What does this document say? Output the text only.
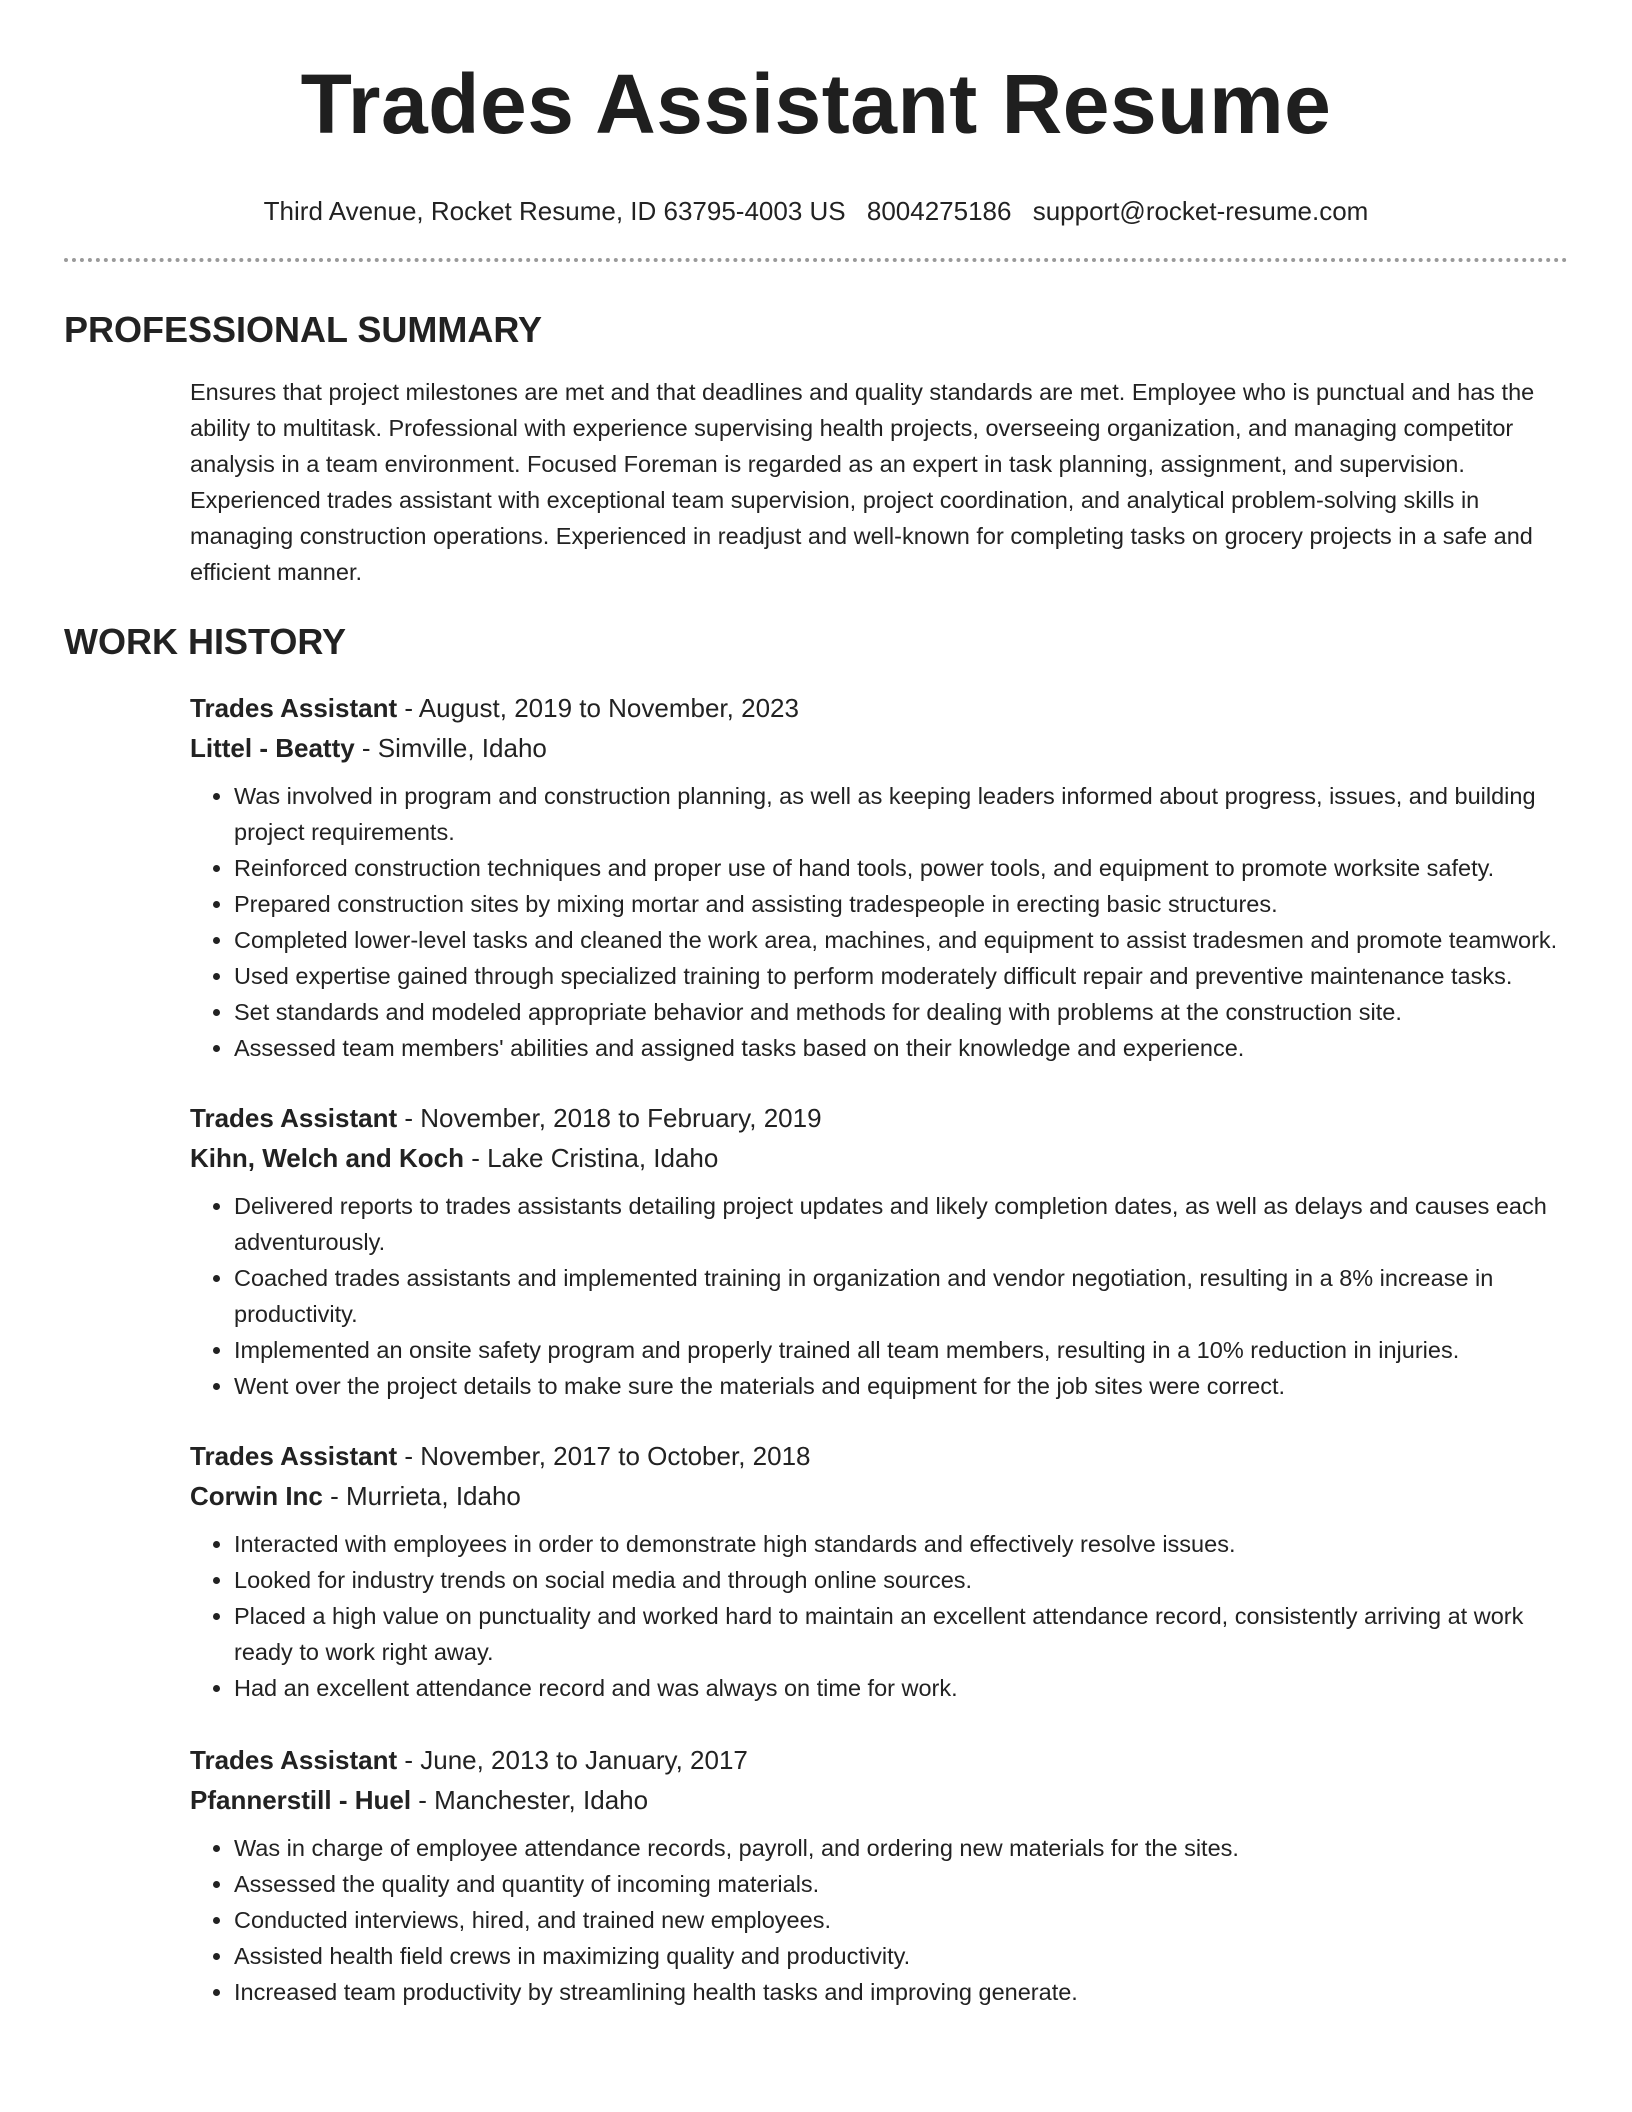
Trades Assistant Resume
Third Avenue, Rocket Resume, ID 63795-4003 US 8004275186 support@rocket-resume.com
PROFESSIONAL SUMMARY

Ensures that project milestones are met and that deadlines and quality standards are met. Employee who is punctual and has the ability to multitask. Professional with experience supervising health projects, overseeing organization, and managing competitor analysis in a team environment. Focused Foreman is regarded as an expert in task planning, assignment, and supervision. Experienced trades assistant with exceptional team supervision, project coordination, and analytical problem-solving skills in managing construction operations. Experienced in readjust and well-known for completing tasks on grocery projects in a safe and efficient manner.

WORK HISTORY
Trades Assistant - August, 2019 to November, 2023
Littel - Beatty - Simville, Idaho
• Was involved in program and construction planning, as well as keeping leaders informed about progress, issues, and building project requirements.
• Reinforced construction techniques and proper use of hand tools, power tools, and equipment to promote worksite safety.
• Prepared construction sites by mixing mortar and assisting tradespeople in erecting basic structures.
• Completed lower-level tasks and cleaned the work area, machines, and equipment to assist tradesmen and promote teamwork.
• Used expertise gained through specialized training to perform moderately difficult repair and preventive maintenance tasks.
• Set standards and modeled appropriate behavior and methods for dealing with problems at the construction site.
• Assessed team members' abilities and assigned tasks based on their knowledge and experience.
Trades Assistant - November, 2018 to February, 2019
Kihn, Welch and Koch - Lake Cristina, Idaho
• Delivered reports to trades assistants detailing project updates and likely completion dates, as well as delays and causes each adventurously.
• Coached trades assistants and implemented training in organization and vendor negotiation, resulting in a 8% increase in productivity.
• Implemented an onsite safety program and properly trained all team members, resulting in a 10% reduction in injuries.
• Went over the project details to make sure the materials and equipment for the job sites were correct.
Trades Assistant - November, 2017 to October, 2018
Corwin Inc - Murrieta, Idaho
• Interacted with employees in order to demonstrate high standards and effectively resolve issues.
• Looked for industry trends on social media and through online sources.
• Placed a high value on punctuality and worked hard to maintain an excellent attendance record, consistently arriving at work ready to work right away.
• Had an excellent attendance record and was always on time for work.
Trades Assistant - June, 2013 to January, 2017
Pfannerstill - Huel - Manchester, Idaho
• Was in charge of employee attendance records, payroll, and ordering new materials for the sites.
• Assessed the quality and quantity of incoming materials.
• Conducted interviews, hired, and trained new employees.
• Assisted health field crews in maximizing quality and productivity.
• Increased team productivity by streamlining health tasks and improving generate.
